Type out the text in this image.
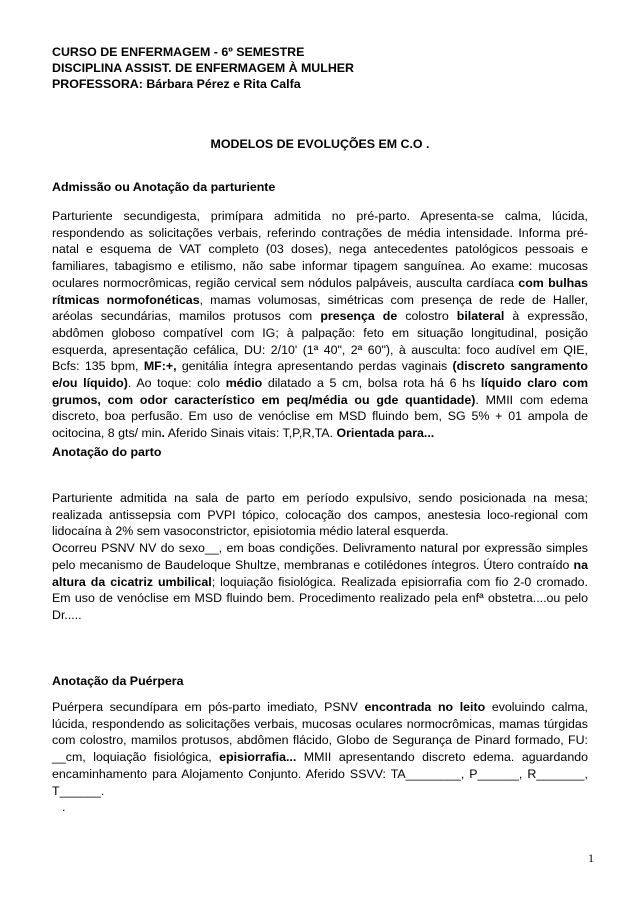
CURSO DE ENFERMAGEM - 6º SEMESTRE
DISCIPLINA ASSIST. DE ENFERMAGEM À MULHER
PROFESSORA: Bárbara Pérez e Rita Calfa
MODELOS DE EVOLUÇÕES EM C.O .
Admissão ou Anotação da parturiente
Parturiente secundigesta, primípara admitida no pré-parto. Apresenta-se calma, lúcida, respondendo as solicitações verbais, referindo contrações de média intensidade. Informa pré-natal e esquema de VAT completo (03 doses), nega antecedentes patológicos pessoais e familiares, tabagismo e etilismo, não sabe informar tipagem sanguínea. Ao exame: mucosas oculares normocrômicas, região cervical sem nódulos palpáveis, ausculta cardíaca com bulhas rítmicas normofonéticas, mamas volumosas, simétricas com presença de rede de Haller, aréolas secundárias, mamilos protusos com presença de colostro bilateral à expressão, abdômen globoso compatível com IG; à palpação: feto em situação longitudinal, posição esquerda, apresentação cefálica, DU: 2/10' (1ª 40", 2ª 60"), à ausculta: foco audível em QIE, Bcfs: 135 bpm, MF:+, genitália íntegra apresentando perdas vaginais (discreto sangramento e/ou líquido). Ao toque: colo médio dilatado a 5 cm, bolsa rota há 6 hs líquido claro com grumos, com odor característico em peq/média ou gde quantidade). MMII com edema discreto, boa perfusão. Em uso de venóclise em MSD fluindo bem, SG 5% + 01 ampola de ocitocina, 8 gts/ min. Aferido Sinais vitais: T,P,R,TA. Orientada para...
Anotação do parto
Parturiente admitida na sala de parto em período expulsivo, sendo posicionada na mesa; realizada antissepsia com PVPI tópico, colocação dos campos, anestesia loco-regional com lidocaína à 2% sem vasoconstrictor, episiotomia médio lateral esquerda.
Ocorreu PSNV NV do sexo__, em boas condições. Delivramento natural por expressão simples pelo mecanismo de Baudeloque Shultze, membranas e cotilédones íntegros. Útero contraído na altura da cicatriz umbilical; loquiação fisiológica. Realizada episiorrafia com fio 2-0 cromado. Em uso de venóclise em MSD fluindo bem. Procedimento realizado pela enfª obstetra....ou pelo Dr.....
Anotação da Puérpera
Puérpera secundípara em pós-parto imediato, PSNV encontrada no leito evoluindo calma, lúcida, respondendo as solicitações verbais, mucosas oculares normocrômicas, mamas túrgidas com colostro, mamilos protusos, abdômen flácido, Globo de Segurança de Pinard formado, FU: __cm, loquiação fisiológica, episiorrafia... MMII apresentando discreto edema. aguardando encaminhamento para Alojamento Conjunto. Aferido SSVV: TA________, P______, R_______, T______.
.
1
